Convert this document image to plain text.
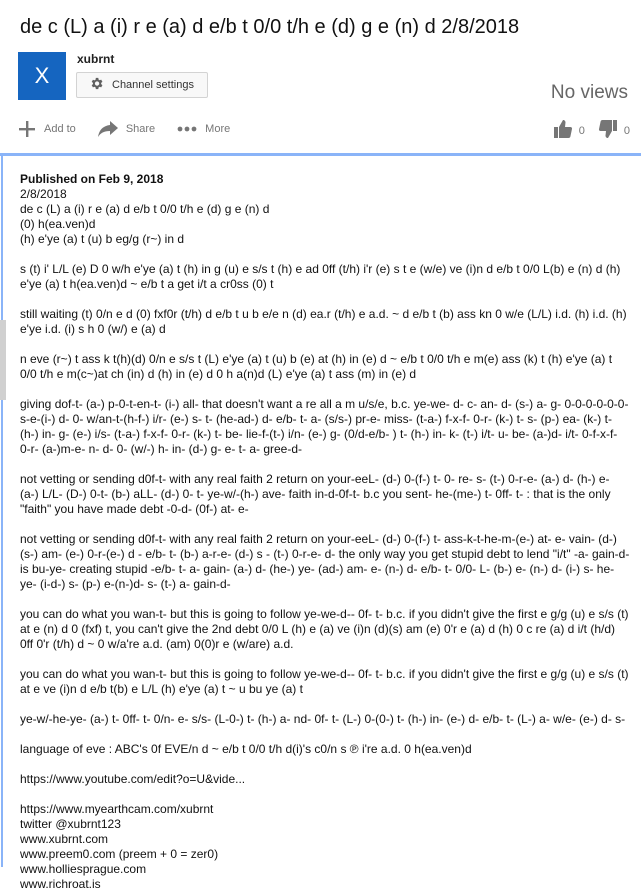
de c (L) a (i) r e (a) d e/b t 0/0 t/h e (d) g e (n) d 2/8/2018
X
xubrnt
Channel settings	No views
Add to	Share	More	0	0
Published on Feb 9, 2018
2/8/2018
de c (L) a (i) r e (a) d e/b t 0/0 t/h e (d) g e (n) d
(0) h(ea.ven)d
(h) e'ye (a) t (u) b eg/g (r~) in d

s (t) i' L/L (e) D 0 w/h e'ye (a) t (h) in g (u) e s/s t (h) e ad 0ff (t/h) i'r (e) s t e (w/e) ve (i)n d e/b t 0/0 L(b) e (n) d (h) e'ye (a) t h(ea.ven)d ~ e/b t a get i/t a cr0ss (0) t

still waiting (t) 0/n e d (0) fxf0r (t/h) d e/b t u b e/e n (d) ea.r (t/h) e a.d. ~ d e/b t (b) ass kn 0 w/e (L/L) i.d. (h) i.d. (h) e'ye i.d. (i) s h 0 (w/) e (a) d

n eve (r~) t ass k t(h)(d) 0/n e s/s t (L) e'ye (a) t (u) b (e) at (h) in (e) d ~ e/b t 0/0 t/h e m(e) ass (k) t (h) e'ye (a) t 0/0 t/h e m(c~)at ch (in) d (h) in (e) d 0 h a(n)d (L) e'ye (a) t ass (m) in (e) d

giving dof-t- (a-) p-0-t-en-t- (i-) all- that doesn't want a re all a m u/s/e, b.c. ye-we- d- c- an- d- (s-) a- g- 0-0-0-0-0-0-s-e-(i-) d- 0- w/an-t-(h-f-) i/r- (e-) s- t- (he-ad-) d- e/b- t- a- (s/s-) pr-e- miss- (t-a-) f-x-f- 0-r- (k-) t- s- (p-) ea- (k-) t- (h-) in- g- (e-) i/s- (t-a-) f-x-f- 0-r- (k-) t- be- lie-f-(t-) i/n- (e-) g- (0/d-e/b- ) t- (h-) in- k- (t-) i/t- u- be- (a-)d- i/t- 0-f-x-f- 0-r- (a-)m-e- n- d- 0- (w/-) h- in- (d-) g- e- t- a- gree-d-

not vetting or sending d0f-t- with any real faith 2 return on your-eeL- (d-) 0-(f-) t- 0- re- s- (t-) 0-r-e- (a-) d- (h-) e- (a-) L/L- (D-) 0-t- (b-) aLL- (d-) 0- t- ye-w/-(h-) ave- faith in-d-0f-t- b.c you sent- he-(me-) t- 0ff- t- : that is the only "faith" you have made debt -0-d- (0f-) at- e-

not vetting or sending d0f-t- with any real faith 2 return on your-eeL- (d-) 0-(f-) t- ass-k-t-he-m-(e-) at- e- vain- (d-) (s-) am- (e-) 0-r-(e-) d - e/b- t- (b-) a-r-e- (d-) s - (t-) 0-r-e- d- the only way you get stupid debt to lend "i/t" -a- gain-d- is bu-ye- creating stupid -e/b- t- a- gain- (a-) d- (he-) ye- (ad-) am- e- (n-) d- e/b- t- 0/0- L- (b-) e- (n-) d- (i-) s- he-ye- (i-d-) s- (p-) e-(n-)d- s- (t-) a- gain-d-

you can do what you wan-t- but this is going to follow ye-we-d-- 0f- t- b.c. if you didn't give the first e g/g (u) e s/s (t) at e (n) d 0 (fxf) t, you can't give the 2nd debt 0/0 L (h) e (a) ve (i)n (d)(s) am (e) 0'r e (a) d (h) 0 c re (a) d i/t (h/d) 0ff 0'r (t/h) d ~ 0 w/a're a.d. (am) 0(0)r e (w/are) a.d.

you can do what you wan-t- but this is going to follow ye-we-d-- 0f- t- b.c. if you didn't give the first e g/g (u) e s/s (t) at e ve (i)n d e/b t(b) e L/L (h) e'ye (a) t ~ u bu ye (a) t

ye-w/-he-ye- (a-) t- 0ff- t- 0/n- e- s/s- (L-0-) t- (h-) a- nd- 0f- t- (L-) 0-(0-) t- (h-) in- (e-) d- e/b- t- (L-) a- w/e- (e-) d- s-

language of eve : ABC's 0f EVE/n d ~ e/b t 0/0 t/h d(i)'s c0/n s ℗ i're a.d. 0 h(ea.ven)d

https://www.youtube.com/edit?o=U&vide...

https://www.myearthcam.com/xubrnt
twitter @xubrnt123
www.xubrnt.com
www.preem0.com (preem + 0 = zer0)
www.holliesprague.com
www.richroat.is
